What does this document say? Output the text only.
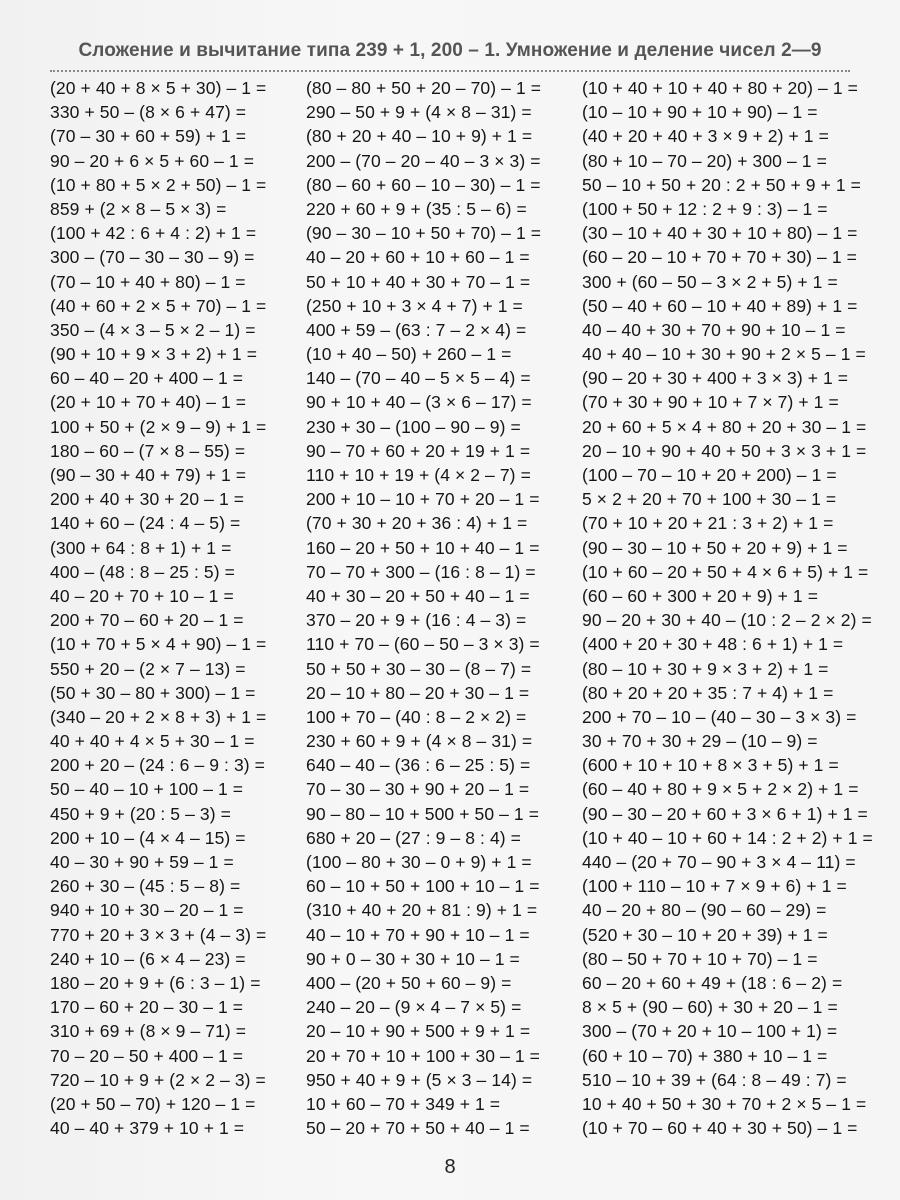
Сложение и вычитание типа 239 + 1, 200 – 1. Умножение и деление чисел 2—9
(20 + 40 + 8 × 5 + 30) – 1 =
330 + 50 – (8 × 6 + 47) =
(70 – 30 + 60 + 59) + 1 =
90 – 20 + 6 × 5 + 60 – 1 =
(10 + 80 + 5 × 2 + 50) – 1 =
859 + (2 × 8 – 5 × 3) =
(100 + 42 : 6 + 4 : 2) + 1 =
300 – (70 – 30 – 30 – 9) =
(70 – 10 + 40 + 80) – 1 =
(40 + 60 + 2 × 5 + 70) – 1 =
350 – (4 × 3 – 5 × 2 – 1) =
(90 + 10 + 9 × 3 + 2) + 1 =
60 – 40 – 20 + 400 – 1 =
(20 + 10 + 70 + 40) – 1 =
100 + 50 + (2 × 9 – 9) + 1 =
180 – 60 – (7 × 8 – 55) =
(90 – 30 + 40 + 79) + 1 =
200 + 40 + 30 + 20 – 1 =
140 + 60 – (24 : 4 – 5) =
(300 + 64 : 8 + 1) + 1 =
400 – (48 : 8 – 25 : 5) =
40 – 20 + 70 + 10 – 1 =
200 + 70 – 60 + 20 – 1 =
(10 + 70 + 5 × 4 + 90) – 1 =
550 + 20 – (2 × 7 – 13) =
(50 + 30 – 80 + 300) – 1 =
(340 – 20 + 2 × 8 + 3) + 1 =
40 + 40 + 4 × 5 + 30 – 1 =
200 + 20 – (24 : 6 – 9 : 3) =
50 – 40 – 10 + 100 – 1 =
450 + 9 + (20 : 5 – 3) =
200 + 10 – (4 × 4 – 15) =
40 – 30 + 90 + 59 – 1 =
260 + 30 – (45 : 5 – 8) =
940 + 10 + 30 – 20 – 1 =
770 + 20 + 3 × 3 + (4 – 3) =
240 + 10 – (6 × 4 – 23) =
180 – 20 + 9 + (6 : 3 – 1) =
170 – 60 + 20 – 30 – 1 =
310 + 69 + (8 × 9 – 71) =
70 – 20 – 50 + 400 – 1 =
720 – 10 + 9 + (2 × 2 – 3) =
(20 + 50 – 70) + 120 – 1 =
40 – 40 + 379 + 10 + 1 =
(80 – 80 + 50 + 20 – 70) – 1 =
290 – 50 + 9 + (4 × 8 – 31) =
(80 + 20 + 40 – 10 + 9) + 1 =
200 – (70 – 20 – 40 – 3 × 3) =
(80 – 60 + 60 – 10 – 30) – 1 =
220 + 60 + 9 + (35 : 5 – 6) =
(90 – 30 – 10 + 50 + 70) – 1 =
40 – 20 + 60 + 10 + 60 – 1 =
50 + 10 + 40 + 30 + 70 – 1 =
(250 + 10 + 3 × 4 + 7) + 1 =
400 + 59 – (63 : 7 – 2 × 4) =
(10 + 40 – 50) + 260 – 1 =
140 – (70 – 40 – 5 × 5 – 4) =
90 + 10 + 40 – (3 × 6 – 17) =
230 + 30 – (100 – 90 – 9) =
90 – 70 + 60 + 20 + 19 + 1 =
110 + 10 + 19 + (4 × 2 – 7) =
200 + 10 – 10 + 70 + 20 – 1 =
(70 + 30 + 20 + 36 : 4) + 1 =
160 – 20 + 50 + 10 + 40 – 1 =
70 – 70 + 300 – (16 : 8 – 1) =
40 + 30 – 20 + 50 + 40 – 1 =
370 – 20 + 9 + (16 : 4 – 3) =
110 + 70 – (60 – 50 – 3 × 3) =
50 + 50 + 30 – 30 – (8 – 7) =
20 – 10 + 80 – 20 + 30 – 1 =
100 + 70 – (40 : 8 – 2 × 2) =
230 + 60 + 9 + (4 × 8 – 31) =
640 – 40 – (36 : 6 – 25 : 5) =
70 – 30 – 30 + 90 + 20 – 1 =
90 – 80 – 10 + 500 + 50 – 1 =
680 + 20 – (27 : 9 – 8 : 4) =
(100 – 80 + 30 – 0 + 9) + 1 =
60 – 10 + 50 + 100 + 10 – 1 =
(310 + 40 + 20 + 81 : 9) + 1 =
40 – 10 + 70 + 90 + 10 – 1 =
90 + 0 – 30 + 30 + 10 – 1 =
400 – (20 + 50 + 60 – 9) =
240 – 20 – (9 × 4 – 7 × 5) =
20 – 10 + 90 + 500 + 9 + 1 =
20 + 70 + 10 + 100 + 30 – 1 =
950 + 40 + 9 + (5 × 3 – 14) =
10 + 60 – 70 + 349 + 1 =
50 – 20 + 70 + 50 + 40 – 1 =
(10 + 40 + 10 + 40 + 80 + 20) – 1 =
(10 – 10 + 90 + 10 + 90) – 1 =
(40 + 20 + 40 + 3 × 9 + 2) + 1 =
(80 + 10 – 70 – 20) + 300 – 1 =
50 – 10 + 50 + 20 : 2 + 50 + 9 + 1 =
(100 + 50 + 12 : 2 + 9 : 3) – 1 =
(30 – 10 + 40 + 30 + 10 + 80) – 1 =
(60 – 20 – 10 + 70 + 70 + 30) – 1 =
300 + (60 – 50 – 3 × 2 + 5) + 1 =
(50 – 40 + 60 – 10 + 40 + 89) + 1 =
40 – 40 + 30 + 70 + 90 + 10 – 1 =
40 + 40 – 10 + 30 + 90 + 2 × 5 – 1 =
(90 – 20 + 30 + 400 + 3 × 3) + 1 =
(70 + 30 + 90 + 10 + 7 × 7) + 1 =
20 + 60 + 5 × 4 + 80 + 20 + 30 – 1 =
20 – 10 + 90 + 40 + 50 + 3 × 3 + 1 =
(100 – 70 – 10 + 20 + 200) – 1 =
5 × 2 + 20 + 70 + 100 + 30 – 1 =
(70 + 10 + 20 + 21 : 3 + 2) + 1 =
(90 – 30 – 10 + 50 + 20 + 9) + 1 =
(10 + 60 – 20 + 50 + 4 × 6 + 5) + 1 =
(60 – 60 + 300 + 20 + 9) + 1 =
90 – 20 + 30 + 40 – (10 : 2 – 2 × 2) =
(400 + 20 + 30 + 48 : 6 + 1) + 1 =
(80 – 10 + 30 + 9 × 3 + 2) + 1 =
(80 + 20 + 20 + 35 : 7 + 4) + 1 =
200 + 70 – 10 – (40 – 30 – 3 × 3) =
30 + 70 + 30 + 29 – (10 – 9) =
(600 + 10 + 10 + 8 × 3 + 5) + 1 =
(60 – 40 + 80 + 9 × 5 + 2 × 2) + 1 =
(90 – 30 – 20 + 60 + 3 × 6 + 1) + 1 =
(10 + 40 – 10 + 60 + 14 : 2 + 2) + 1 =
440 – (20 + 70 – 90 + 3 × 4 – 11) =
(100 + 110 – 10 + 7 × 9 + 6) + 1 =
40 – 20 + 80 – (90 – 60 – 29) =
(520 + 30 – 10 + 20 + 39) + 1 =
(80 – 50 + 70 + 10 + 70) – 1 =
60 – 20 + 60 + 49 + (18 : 6 – 2) =
8 × 5 + (90 – 60) + 30 + 20 – 1 =
300 – (70 + 20 + 10 – 100 + 1) =
(60 + 10 – 70) + 380 + 10 – 1 =
510 – 10 + 39 + (64 : 8 – 49 : 7) =
10 + 40 + 50 + 30 + 70 + 2 × 5 – 1 =
(10 + 70 – 60 + 40 + 30 + 50) – 1 =
8
